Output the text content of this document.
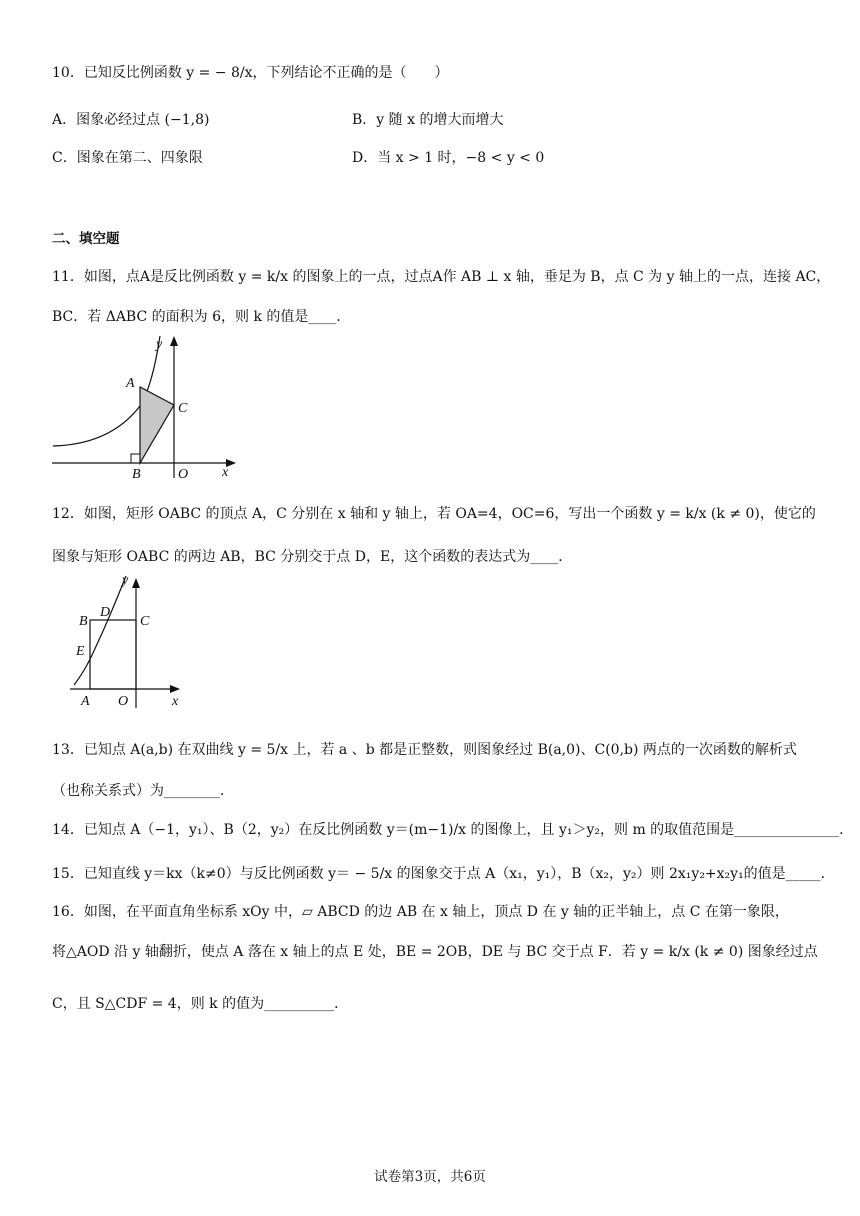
10．已知反比例函数 y = − 8/x，下列结论不正确的是（　　）
A．图象必经过点 (−1,8)	B．y 随 x 的增大而增大
C．图象在第二、四象限	D．当 x > 1 时，−8 < y < 0
二、填空题
11．如图，点A是反比例函数 y = k/x 的图象上的一点，过点A作 AB ⊥ x 轴，垂足为 B，点 C 为 y 轴上的一点，连接 AC，
BC．若 ΔABC 的面积为 6，则 k 的值是____．
y
A
C
B	O x
12．如图，矩形 OABC 的顶点 A，C 分别在 x 轴和 y 轴上，若 OA=4，OC=6，写出一个函数 y = k/x (k ≠ 0)，使它的
图象与矩形 OABC 的两边 AB，BC 分别交于点 D，E，这个函数的表达式为____．
y
B
D
C
E
A O	x
13．已知点 A(a,b) 在双曲线 y = 5/x 上，若 a 、b 都是正整数，则图象经过 B(a,0)、C(0,b) 两点的一次函数的解析式
（也称关系式）为________．
14．已知点 A（−1，y₁）、B（2，y₂）在反比例函数 y＝(m−1)/x 的图像上，且 y₁＞y₂，则 m 的取值范围是_______________．
15．已知直线 y＝kx（k≠0）与反比例函数 y＝ − 5/x 的图象交于点 A（x₁，y₁），B（x₂，y₂）则 2x₁y₂+x₂y₁的值是_____．
16．如图，在平面直角坐标系 xOy 中，▱ ABCD 的边 AB 在 x 轴上，顶点 D 在 y 轴的正半轴上，点 C 在第一象限，
将△AOD 沿 y 轴翻折，使点 A 落在 x 轴上的点 E 处，BE = 2OB，DE 与 BC 交于点 F．若 y = k/x (k ≠ 0) 图象经过点
C，且 S△CDF = 4，则 k 的值为__________．
试卷第3页，共6页
